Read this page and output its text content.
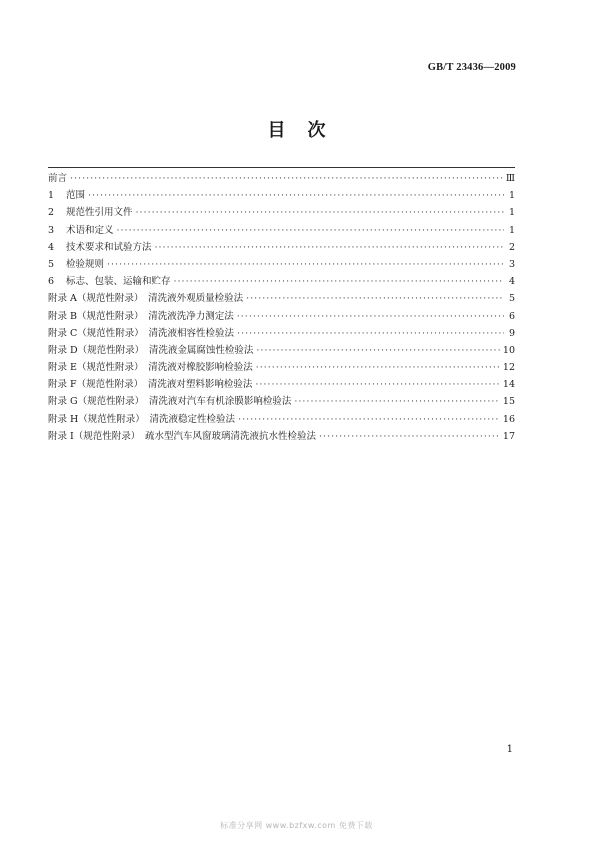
GB/T 23436—2009
目次
前言 ·····	Ⅲ
1 范围 ·····	1
2 规范性引用文件 ·····	1
3 术语和定义 ·····	1
4 技术要求和试验方法 ·····	2
5 检验规则 ·····	3
6 标志、包装、运输和贮存 ·····	4
附录 A（规范性附录）　清洗液外观质量检验法 ·····	5
附录 B（规范性附录）　清洗液洗净力测定法 ·····	6
附录 C（规范性附录）　清洗液相容性检验法 ·····	9
附录 D（规范性附录）　清洗液金属腐蚀性检验法 ·····	10
附录 E（规范性附录）　清洗液对橡胶影响检验法 ·····	12
附录 F（规范性附录）　清洗液对塑料影响检验法 ·····	14
附录 G（规范性附录）　清洗液对汽车有机涂膜影响检验法 ·····	15
附录 H（规范性附录）　清洗液稳定性检验法 ·····	16
附录 I（规范性附录）　疏水型汽车风窗玻璃清洗液抗水性检验法 ·····	17
1
标准分享网 www.bzfxw.com 免费下载
